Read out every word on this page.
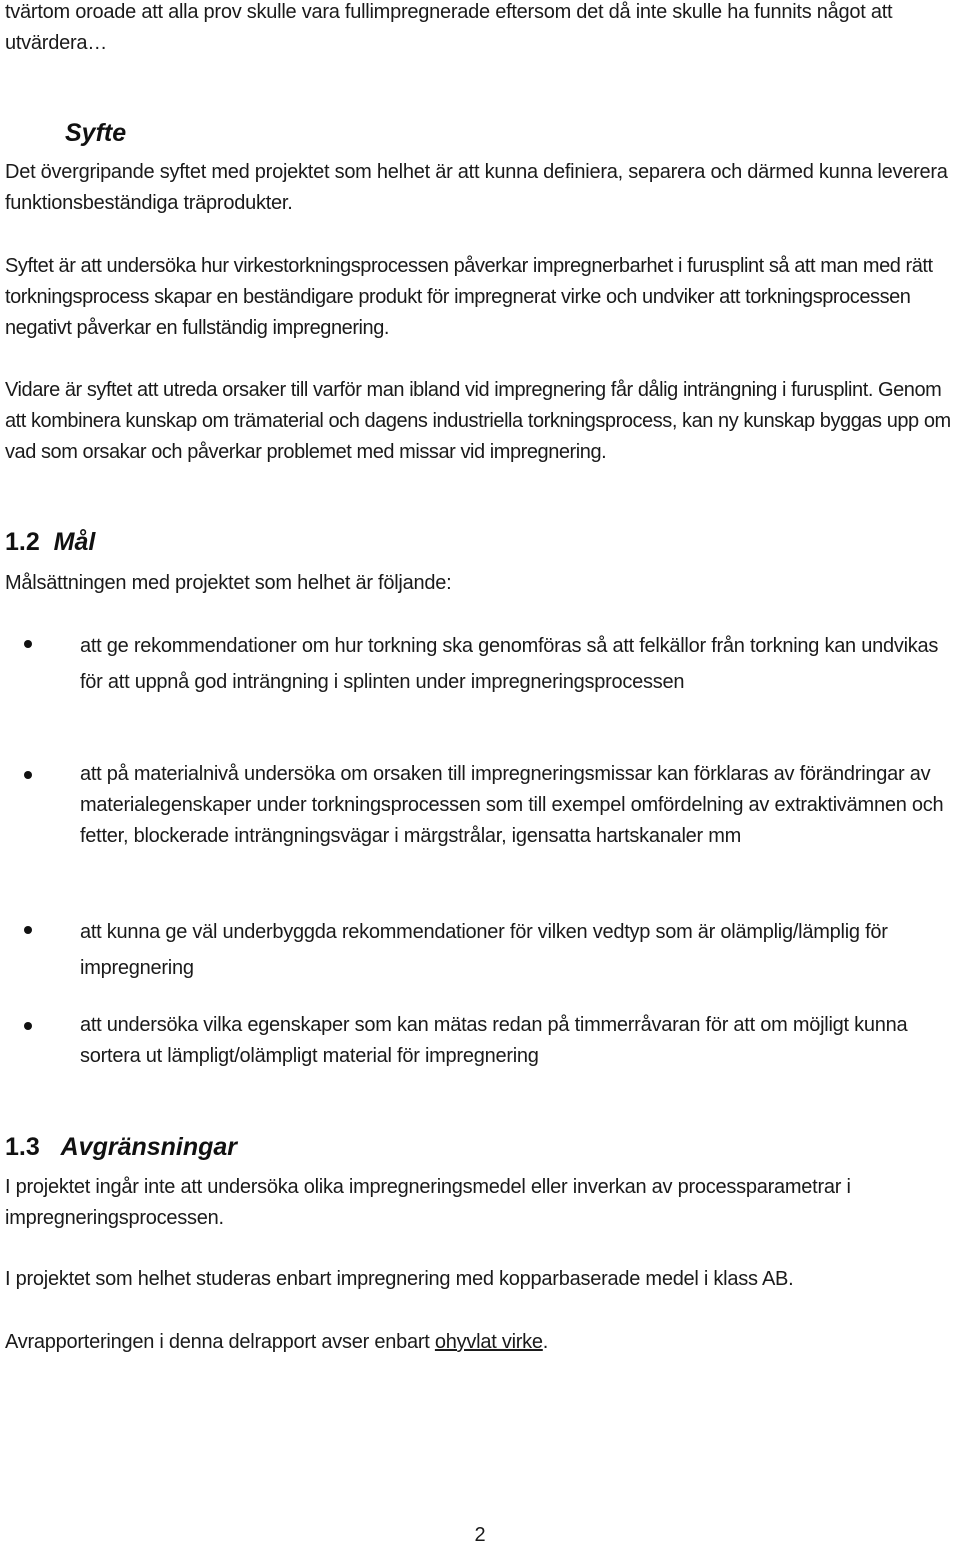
tvärtom oroade att alla prov skulle vara fullimpregnerade eftersom det då inte skulle ha funnits något att utvärdera…

Syfte

Det övergripande syftet med projektet som helhet är att kunna definiera, separera och därmed kunna leverera funktionsbeständiga träprodukter.

Syftet är att undersöka hur virkestorkningsprocessen påverkar impregnerbarhet i furusplint så att man med rätt torkningsprocess skapar en beständigare produkt för impregnerat virke och undviker att torkningsprocessen negativt påverkar en fullständig impregnering.

Vidare är syftet att utreda orsaker till varför man ibland vid impregnering får dålig inträngning i furusplint. Genom att kombinera kunskap om trämaterial och dagens industriella torkningsprocess, kan ny kunskap byggas upp om vad som orsakar och påverkar problemet med missar vid impregnering.

1.2 Mål

Målsättningen med projektet som helhet är följande:

att ge rekommendationer om hur torkning ska genomföras så att felkällor från torkning kan undvikas för att uppnå god inträngning i splinten under impregneringsprocessen

att på materialnivå undersöka om orsaken till impregneringsmissar kan förklaras av förändringar av materialegenskaper under torkningsprocessen som till exempel omfördelning av extraktivämnen och fetter, blockerade inträngningsvägar i märgstrålar, igensatta hartskanaler mm

att kunna ge väl underbyggda rekommendationer för vilken vedtyp som är olämplig/lämplig för impregnering

att undersöka vilka egenskaper som kan mätas redan på timmerråvaran för att om möjligt kunna sortera ut lämpligt/olämpligt material för impregnering

1.3 Avgränsningar

I projektet ingår inte att undersöka olika impregneringsmedel eller inverkan av processparametrar i impregneringsprocessen.

I projektet som helhet studeras enbart impregnering med kopparbaserade medel i klass AB.

Avrapporteringen i denna delrapport avser enbart ohyvlat virke.

2
